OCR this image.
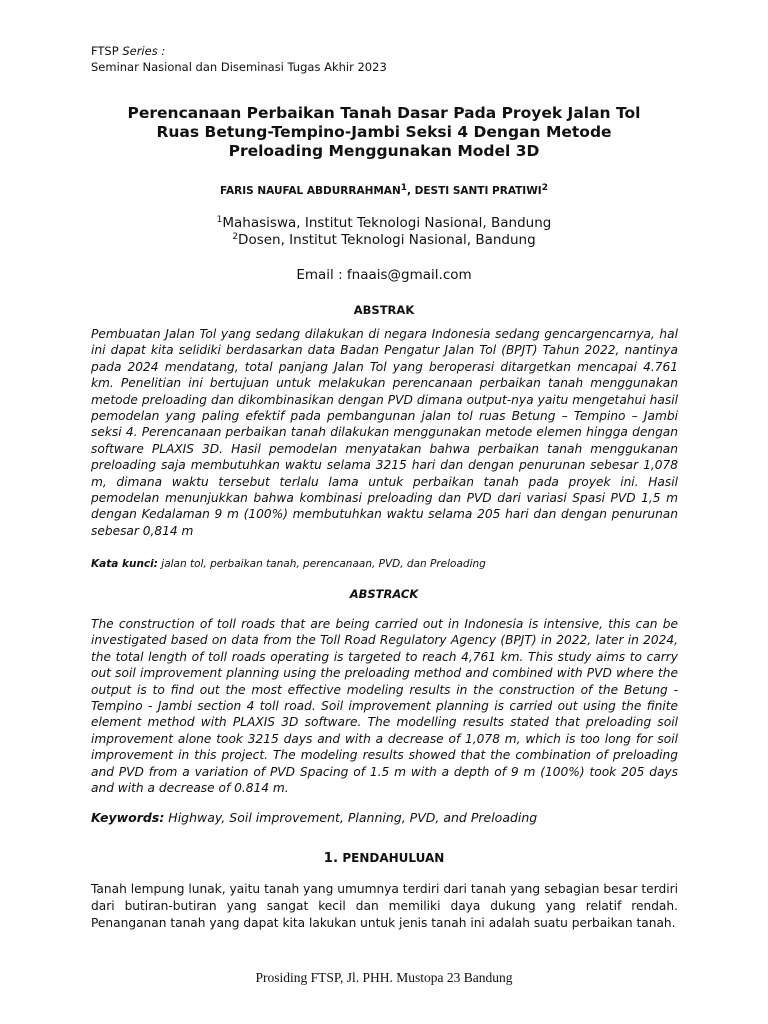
FTSP Series :
Seminar Nasional dan Diseminasi Tugas Akhir 2023
Perencanaan Perbaikan Tanah Dasar Pada Proyek Jalan Tol
Ruas Betung-Tempino-Jambi Seksi 4 Dengan Metode
Preloading Menggunakan Model 3D
FARIS NAUFAL ABDURRAHMAN$^1$, DESTI SANTI PRATIWI$^2$
$^1$Mahasiswa, Institut Teknologi Nasional, Bandung
$^2$Dosen, Institut Teknologi Nasional, Bandung
Email : fnaais@gmail.com
ABSTRAK
Pembuatan Jalan Tol yang sedang dilakukan di negara Indonesia sedang gencargencarnya, hal ini dapat kita selidiki berdasarkan data Badan Pengatur Jalan Tol (BPJT) Tahun 2022, nantinya pada 2024 mendatang, total panjang Jalan Tol yang beroperasi ditargetkan mencapai 4.761 km. Penelitian ini bertujuan untuk melakukan perencanaan perbaikan tanah menggunakan metode preloading dan dikombinasikan dengan PVD dimana output-nya yaitu mengetahui hasil pemodelan yang paling efektif pada pembangunan jalan tol ruas Betung – Tempino – Jambi seksi 4. Perencanaan perbaikan tanah dilakukan menggunakan metode elemen hingga dengan software PLAXIS 3D. Hasil pemodelan menyatakan bahwa perbaikan tanah menggukanan preloading saja membutuhkan waktu selama 3215 hari dan dengan penurunan sebesar 1,078 m, dimana waktu tersebut terlalu lama untuk perbaikan tanah pada proyek ini. Hasil pemodelan menunjukkan bahwa kombinasi preloading dan PVD dari variasi Spasi PVD 1,5 m dengan Kedalaman 9 m (100%) membutuhkan waktu selama 205 hari dan dengan penurunan sebesar 0,814 m
Kata kunci: jalan tol, perbaikan tanah, perencanaan, PVD, dan Preloading
ABSTRACK
The construction of toll roads that are being carried out in Indonesia is intensive, this can be investigated based on data from the Toll Road Regulatory Agency (BPJT) in 2022, later in 2024, the total length of toll roads operating is targeted to reach 4,761 km. This study aims to carry out soil improvement planning using the preloading method and combined with PVD where the output is to find out the most effective modeling results in the construction of the Betung - Tempino - Jambi section 4 toll road. Soil improvement planning is carried out using the finite element method with PLAXIS 3D software. The modelling results stated that preloading soil improvement alone took 3215 days and with a decrease of 1,078 m, which is too long for soil improvement in this project. The modeling results showed that the combination of preloading and PVD from a variation of PVD Spacing of 1.5 m with a depth of 9 m (100%) took 205 days and with a decrease of 0.814 m.
Keywords: Highway, Soil improvement, Planning, PVD, and Preloading
1. PENDAHULUAN
Tanah lempung lunak, yaitu tanah yang umumnya terdiri dari tanah yang sebagian besar terdiri dari butiran-butiran yang sangat kecil dan memiliki daya dukung yang relatif rendah. Penanganan tanah yang dapat kita lakukan untuk jenis tanah ini adalah suatu perbaikan tanah.
Prosiding FTSP, Jl. PHH. Mustopa 23 Bandung
